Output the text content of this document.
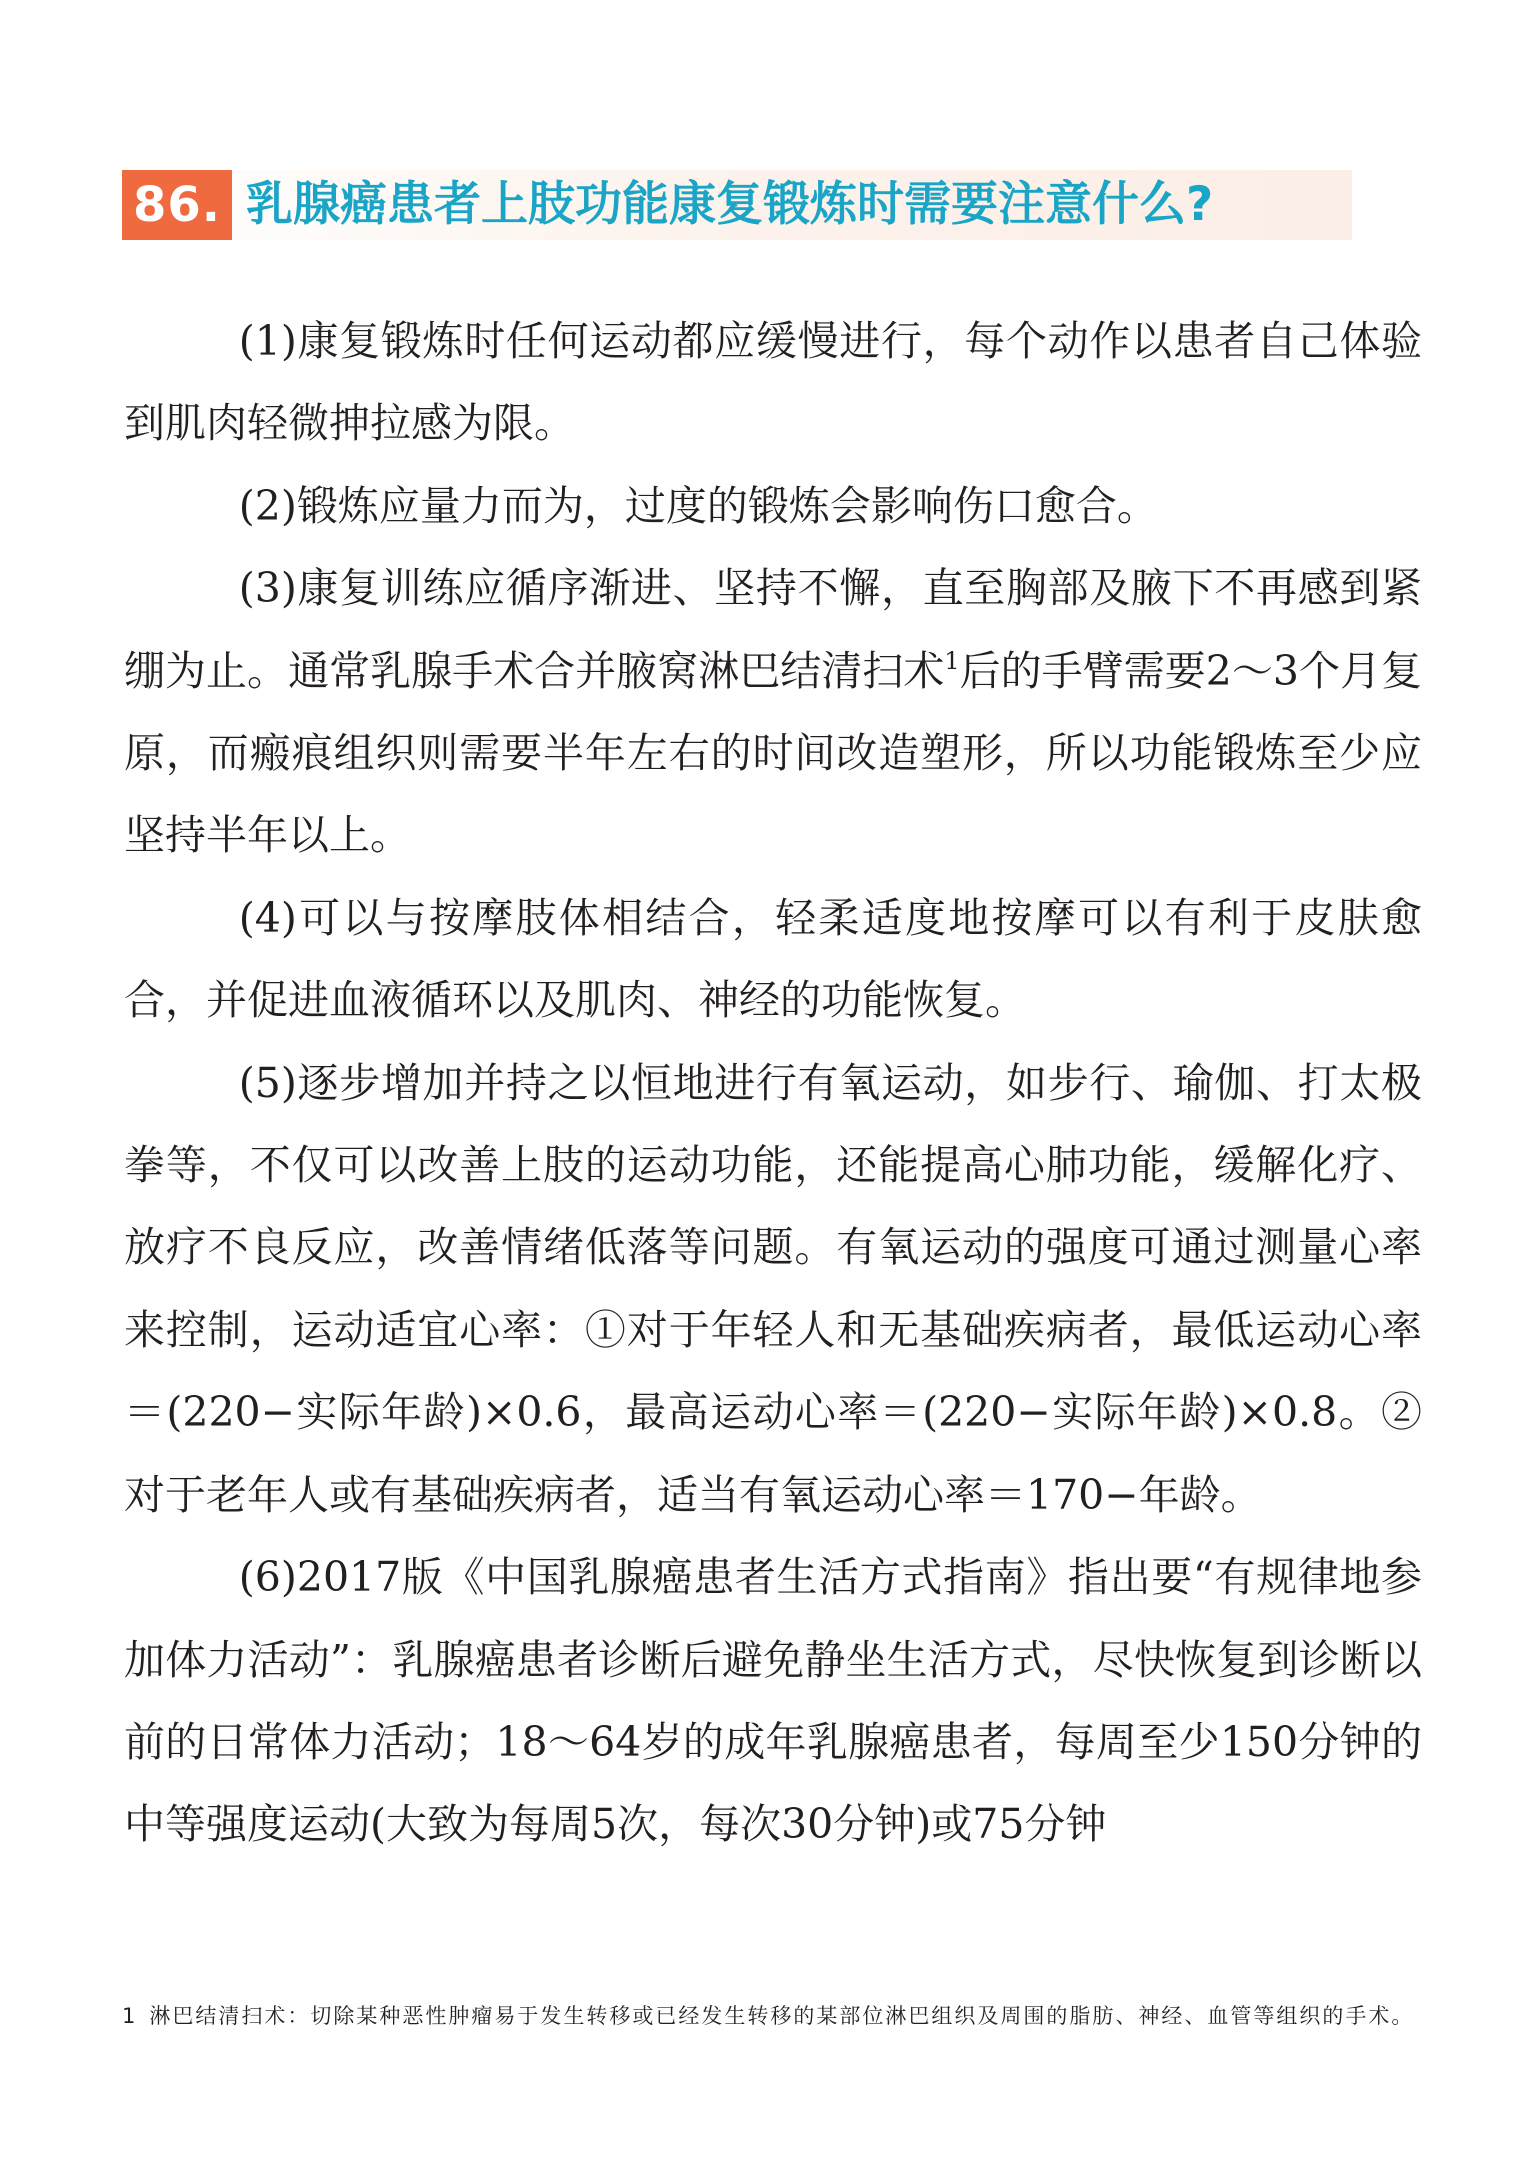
86. 乳腺癌患者上肢功能康复锻炼时需要注意什么?

(1)康复锻炼时任何运动都应缓慢进行，每个动作以患者自己体验到肌肉轻微抻拉感为限。

(2)锻炼应量力而为，过度的锻炼会影响伤口愈合。

(3)康复训练应循序渐进、坚持不懈，直至胸部及腋下不再感到紧绷为止。通常乳腺手术合并腋窝淋巴结清扫术$^1$后的手臂需要2～3个月复原，而瘢痕组织则需要半年左右的时间改造塑形，所以功能锻炼至少应坚持半年以上。

(4)可以与按摩肢体相结合，轻柔适度地按摩可以有利于皮肤愈合，并促进血液循环以及肌肉、神经的功能恢复。

(5)逐步增加并持之以恒地进行有氧运动，如步行、瑜伽、打太极拳等，不仅可以改善上肢的运动功能，还能提高心肺功能，缓解化疗、放疗不良反应，改善情绪低落等问题。有氧运动的强度可通过测量心率来控制，运动适宜心率：①对于年轻人和无基础疾病者，最低运动心率＝(220−实际年龄)×0.6，最高运动心率＝(220−实际年龄)×0.8。②对于老年人或有基础疾病者，适当有氧运动心率＝170−年龄。

(6)2017版《中国乳腺癌患者生活方式指南》指出要“有规律地参加体力活动”：乳腺癌患者诊断后避免静坐生活方式，尽快恢复到诊断以前的日常体力活动；18～64岁的成年乳腺癌患者，每周至少150分钟的中等强度运动(大致为每周5次，每次30分钟)或75分钟

1 淋巴结清扫术：切除某种恶性肿瘤易于发生转移或已经发生转移的某部位淋巴组织及周围的脂肪、神经、血管等组织的手术。
